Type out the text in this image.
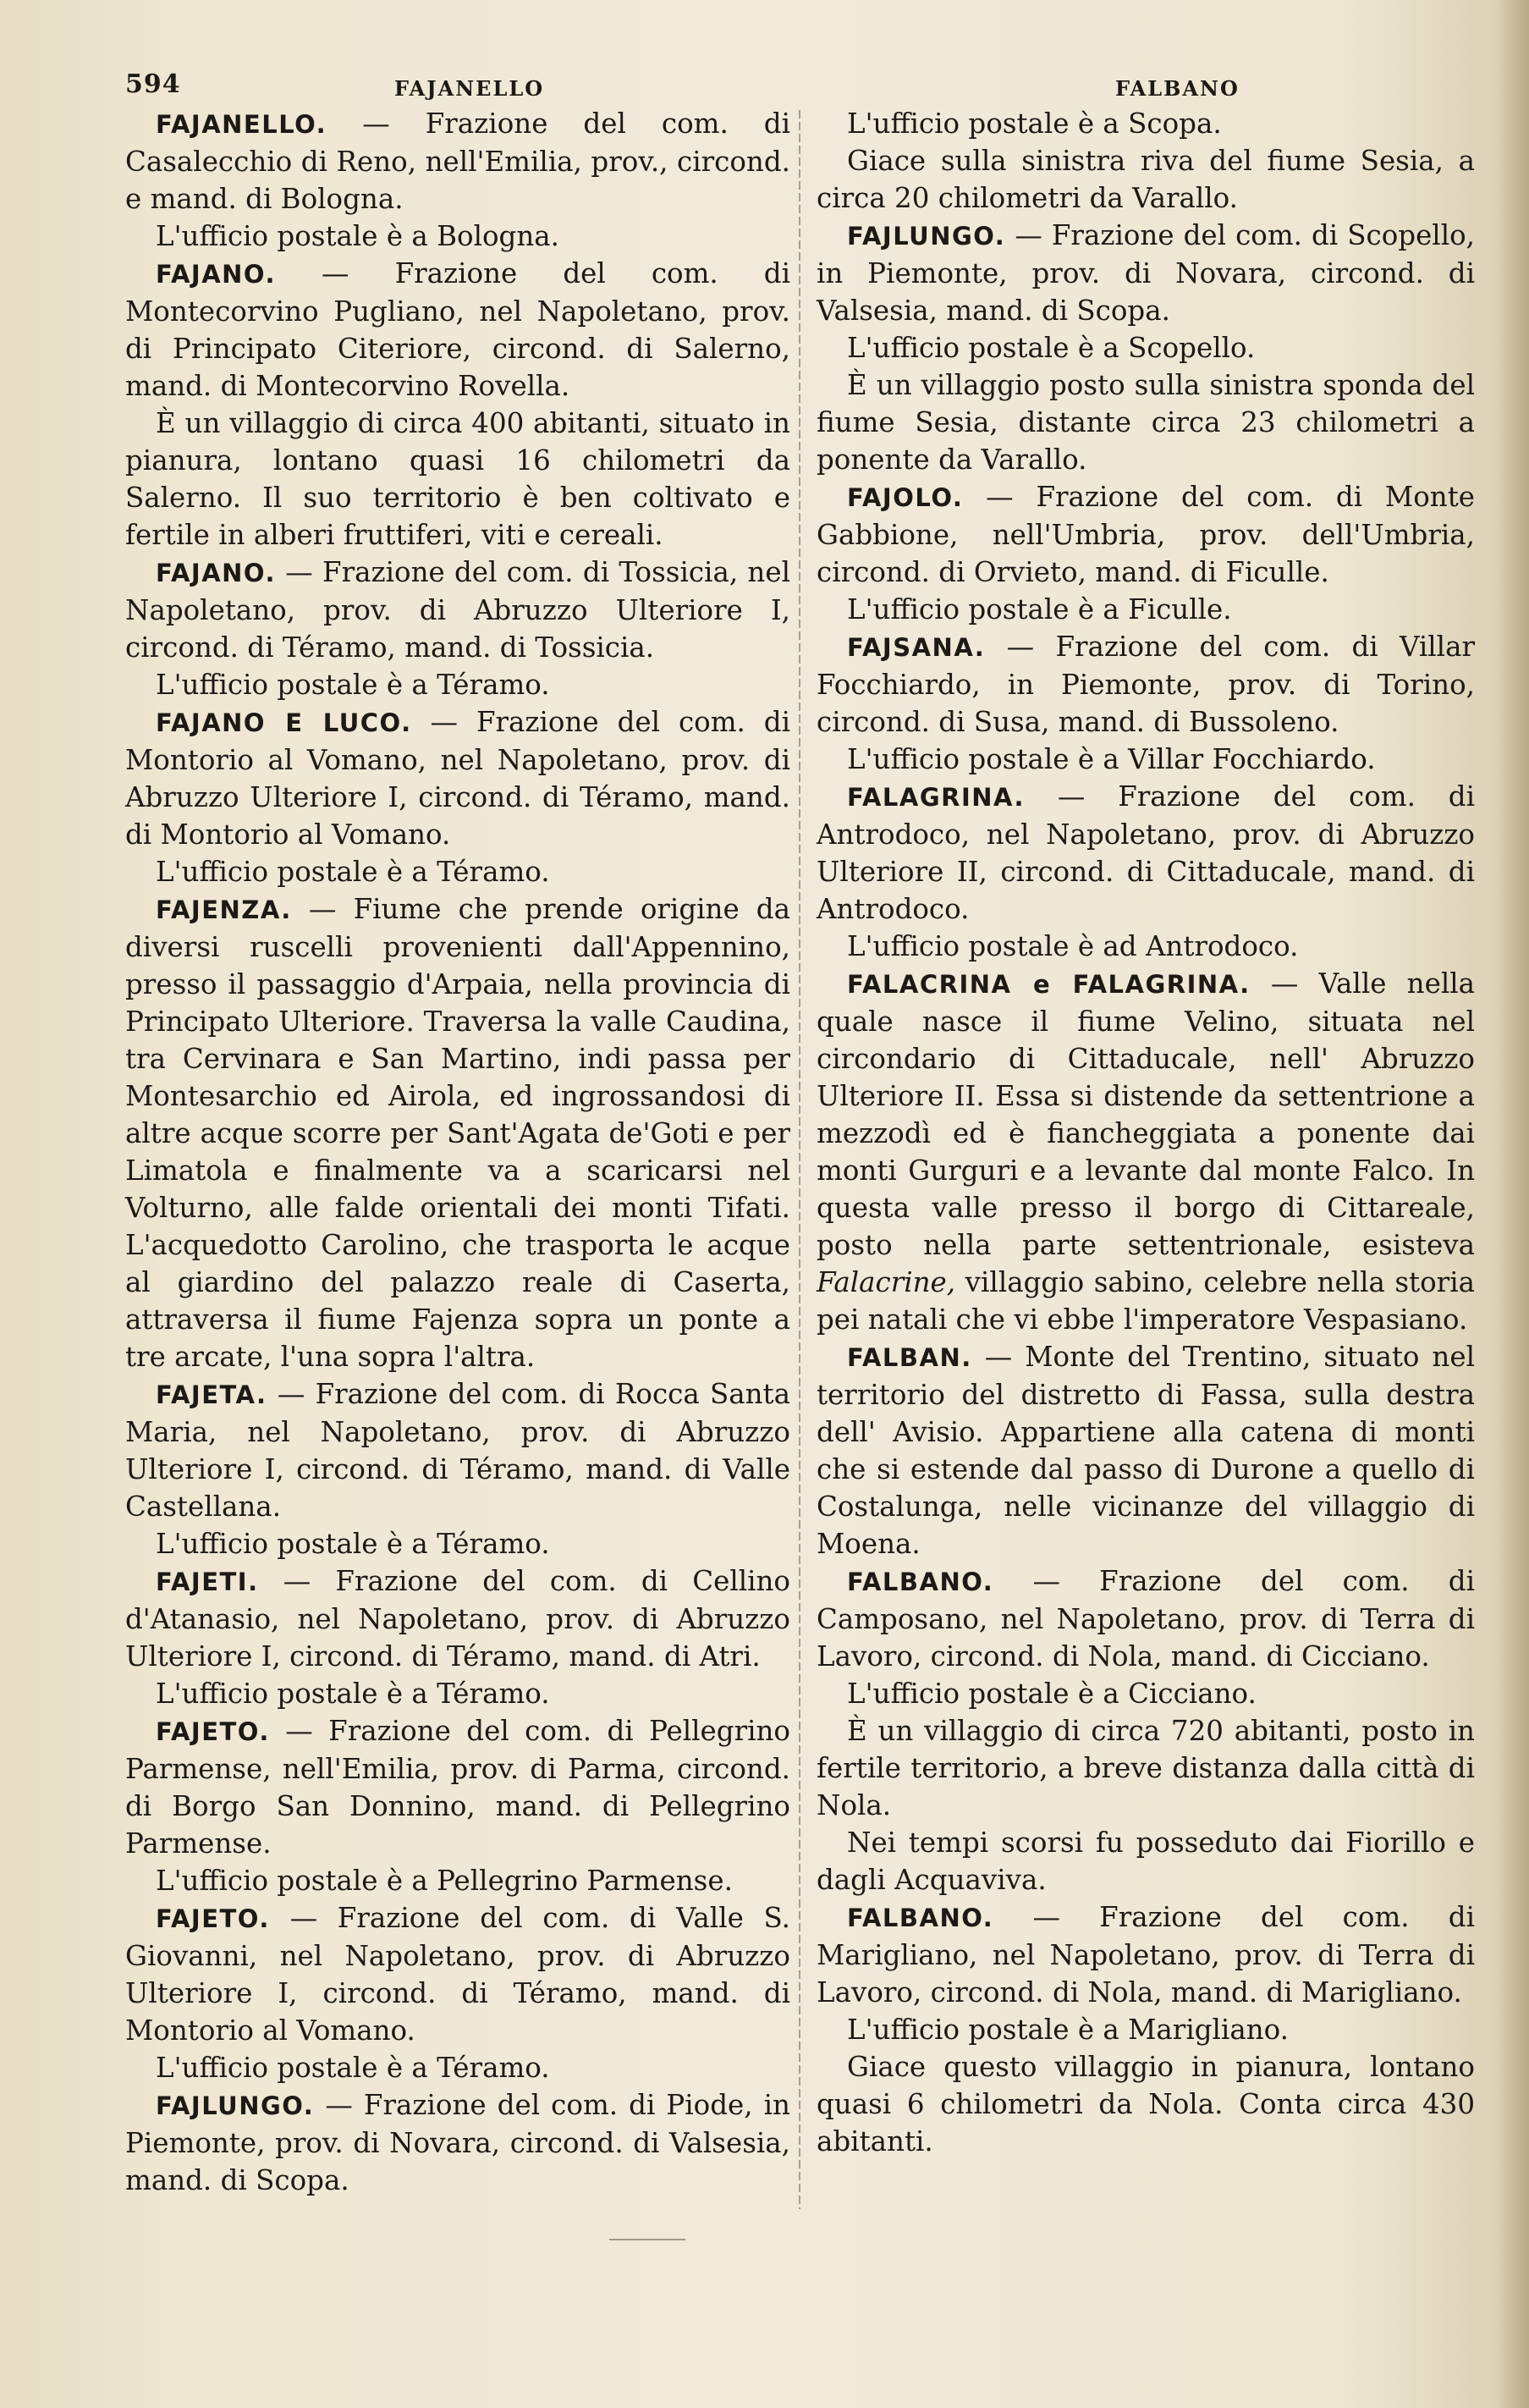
594	FAJANELLO	FALBANO

FAJANELLO. — Frazione del com. di Casalecchio di Reno, nell'Emilia, prov., circond. e mand. di Bologna.

L'ufficio postale è a Bologna.

FAJANO. — Frazione del com. di Montecorvino Pugliano, nel Napoletano, prov. di Principato Citeriore, circond. di Salerno, mand. di Montecorvino Rovella.

È un villaggio di circa 400 abitanti, situato in pianura, lontano quasi 16 chilometri da Salerno. Il suo territorio è ben coltivato e fertile in alberi fruttiferi, viti e cereali.

FAJANO. — Frazione del com. di Tossicia, nel Napoletano, prov. di Abruzzo Ulteriore I, circond. di Téramo, mand. di Tossicia.

L'ufficio postale è a Téramo.

FAJANO E LUCO. — Frazione del com. di Montorio al Vomano, nel Napoletano, prov. di Abruzzo Ulteriore I, circond. di Téramo, mand. di Montorio al Vomano.

L'ufficio postale è a Téramo.

FAJENZA. — Fiume che prende origine da diversi ruscelli provenienti dall'Appennino, presso il passaggio d'Arpaia, nella provincia di Principato Ulteriore. Traversa la valle Caudina, tra Cervinara e San Martino, indi passa per Montesarchio ed Airola, ed ingrossandosi di altre acque scorre per Sant'Agata de'Goti e per Limatola e finalmente va a scaricarsi nel Volturno, alle falde orientali dei monti Tifati. L'acquedotto Carolino, che trasporta le acque al giardino del palazzo reale di Caserta, attraversa il fiume Fajenza sopra un ponte a tre arcate, l'una sopra l'altra.

FAJETA. — Frazione del com. di Rocca Santa Maria, nel Napoletano, prov. di Abruzzo Ulteriore I, circond. di Téramo, mand. di Valle Castellana.

L'ufficio postale è a Téramo.

FAJETI. — Frazione del com. di Cellino d'Atanasio, nel Napoletano, prov. di Abruzzo Ulteriore I, circond. di Téramo, mand. di Atri.

L'ufficio postale è a Téramo.

FAJETO. — Frazione del com. di Pellegrino Parmense, nell'Emilia, prov. di Parma, circond. di Borgo San Donnino, mand. di Pellegrino Parmense.

L'ufficio postale è a Pellegrino Parmense.

FAJETO. — Frazione del com. di Valle S. Giovanni, nel Napoletano, prov. di Abruzzo Ulteriore I, circond. di Téramo, mand. di Montorio al Vomano.

L'ufficio postale è a Téramo.

FAJLUNGO. — Frazione del com. di Piode, in Piemonte, prov. di Novara, circond. di Valsesia, mand. di Scopa.

L'ufficio postale è a Scopa.

Giace sulla sinistra riva del fiume Sesia, a circa 20 chilometri da Varallo.

FAJLUNGO. — Frazione del com. di Scopello, in Piemonte, prov. di Novara, circond. di Valsesia, mand. di Scopa.

L'ufficio postale è a Scopello.

È un villaggio posto sulla sinistra sponda del fiume Sesia, distante circa 23 chilometri a ponente da Varallo.

FAJOLO. — Frazione del com. di Monte Gabbione, nell'Umbria, prov. dell'Umbria, circond. di Orvieto, mand. di Ficulle.

L'ufficio postale è a Ficulle.

FAJSANA. — Frazione del com. di Villar Focchiardo, in Piemonte, prov. di Torino, circond. di Susa, mand. di Bussoleno.

L'ufficio postale è a Villar Focchiardo.

FALAGRINA. — Frazione del com. di Antrodoco, nel Napoletano, prov. di Abruzzo Ulteriore II, circond. di Cittaducale, mand. di Antrodoco.

L'ufficio postale è ad Antrodoco.

FALACRINA e FALAGRINA. — Valle nella quale nasce il fiume Velino, situata nel circondario di Cittaducale, nell' Abruzzo Ulteriore II. Essa si distende da settentrione a mezzodì ed è fiancheggiata a ponente dai monti Gurguri e a levante dal monte Falco. In questa valle presso il borgo di Cittareale, posto nella parte settentrionale, esisteva Falacrine, villaggio sabino, celebre nella storia pei natali che vi ebbe l'imperatore Vespasiano.

FALBAN. — Monte del Trentino, situato nel territorio del distretto di Fassa, sulla destra dell' Avisio. Appartiene alla catena di monti che si estende dal passo di Durone a quello di Costalunga, nelle vicinanze del villaggio di Moena.

FALBANO. — Frazione del com. di Camposano, nel Napoletano, prov. di Terra di Lavoro, circond. di Nola, mand. di Cicciano.

L'ufficio postale è a Cicciano.

È un villaggio di circa 720 abitanti, posto in fertile territorio, a breve distanza dalla città di Nola.

Nei tempi scorsi fu posseduto dai Fiorillo e dagli Acquaviva.

FALBANO. — Frazione del com. di Marigliano, nel Napoletano, prov. di Terra di Lavoro, circond. di Nola, mand. di Marigliano.

L'ufficio postale è a Marigliano.

Giace questo villaggio in pianura, lontano quasi 6 chilometri da Nola. Conta circa 430 abitanti.
